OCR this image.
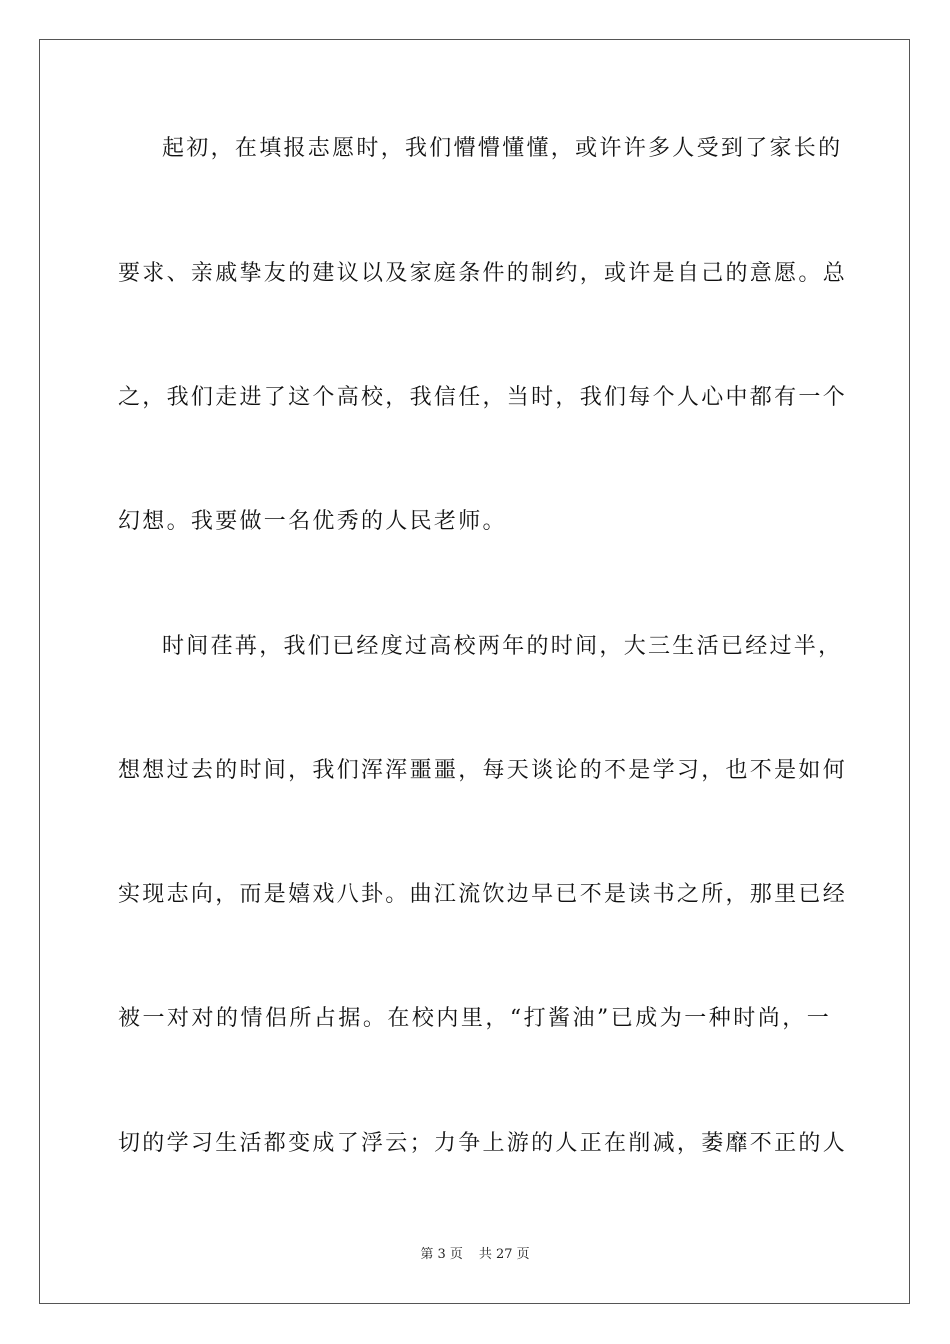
起初，在填报志愿时，我们懵懵懂懂，或许许多人受到了家长的
要求、亲戚挚友的建议以及家庭条件的制约，或许是自己的意愿。总
之，我们走进了这个高校，我信任，当时，我们每个人心中都有一个
幻想。我要做一名优秀的人民老师。
时间荏苒，我们已经度过高校两年的时间，大三生活已经过半，
想想过去的时间，我们浑浑噩噩，每天谈论的不是学习，也不是如何
实现志向，而是嬉戏八卦。曲江流饮边早已不是读书之所，那里已经
被一对对的情侣所占据。在校内里，“打酱油”已成为一种时尚，一
切的学习生活都变成了浮云；力争上游的人正在削减，萎靡不正的人
第 3 页 共 27 页
